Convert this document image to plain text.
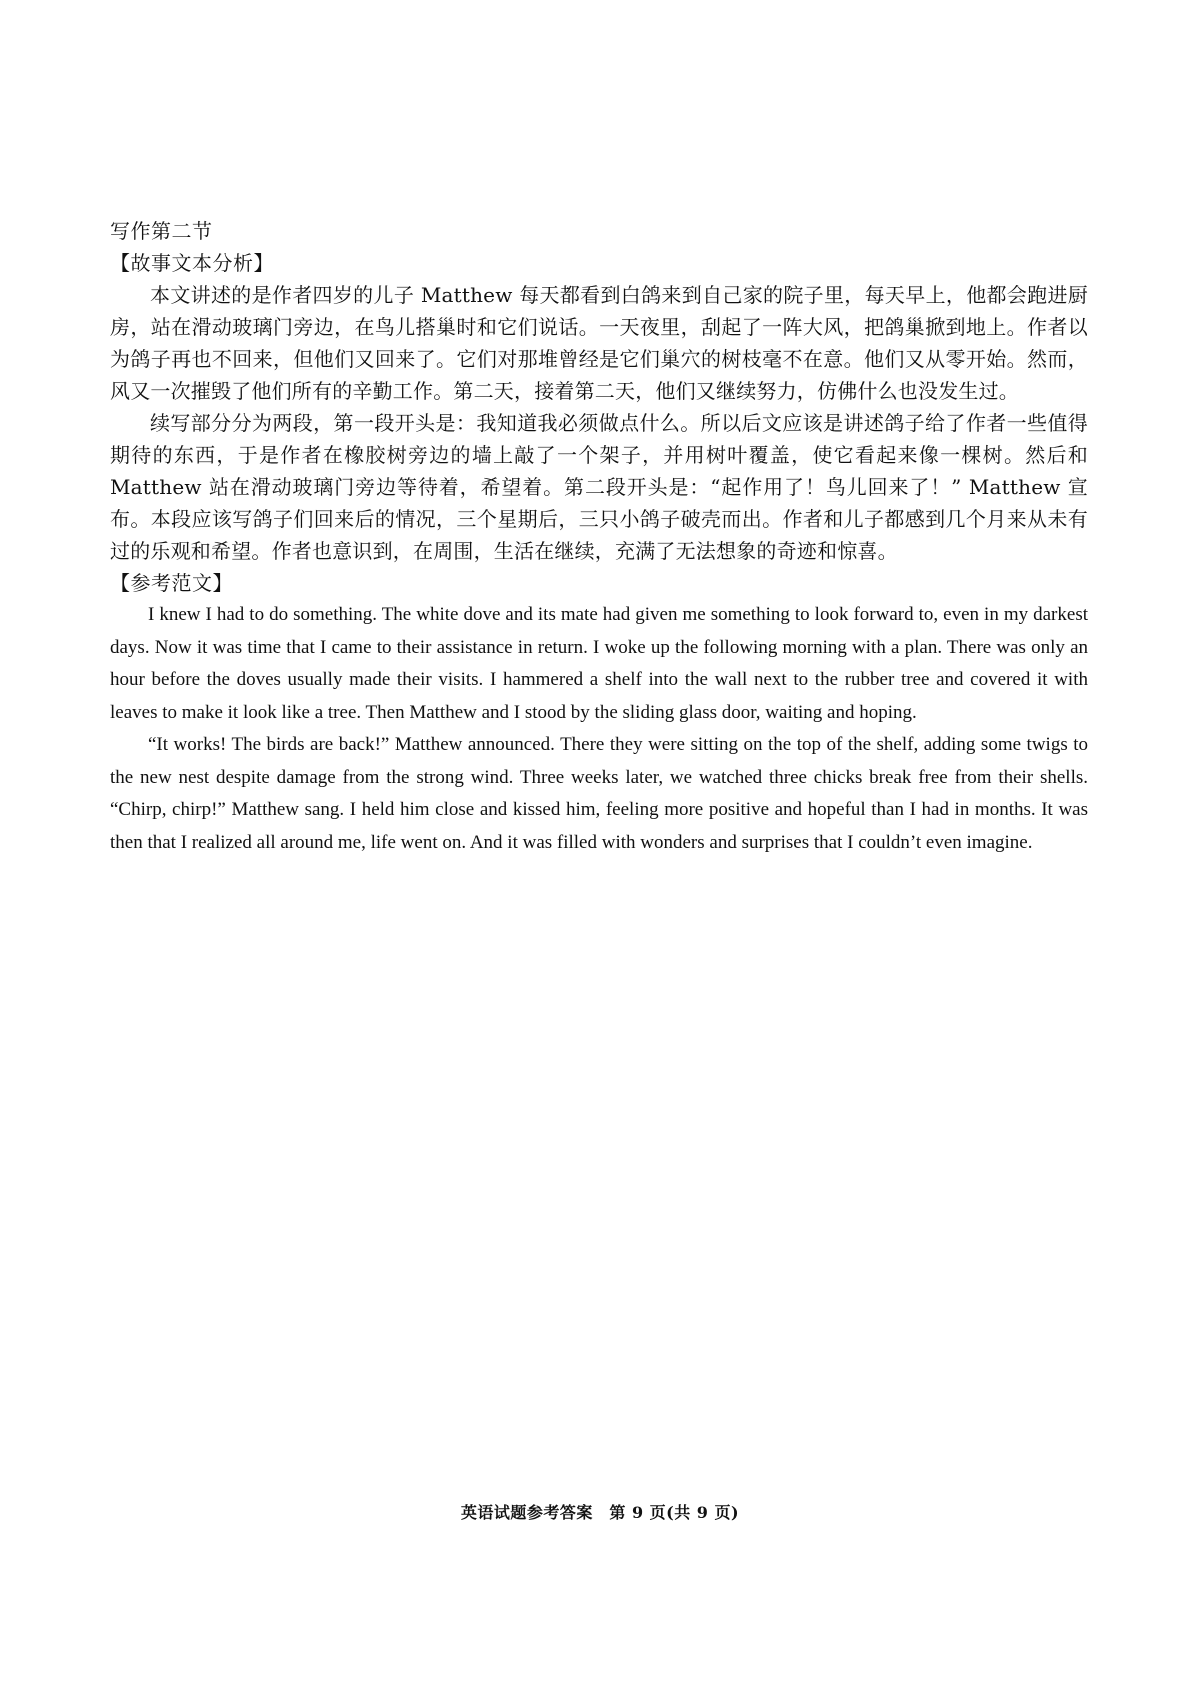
写作第二节

【故事文本分析】

本文讲述的是作者四岁的儿子 Matthew 每天都看到白鸽来到自己家的院子里，每天早上，他都会跑进厨房，站在滑动玻璃门旁边，在鸟儿搭巢时和它们说话。一天夜里，刮起了一阵大风，把鸽巢掀到地上。作者以为鸽子再也不回来，但他们又回来了。它们对那堆曾经是它们巢穴的树枝毫不在意。他们又从零开始。然而，风又一次摧毁了他们所有的辛勤工作。第二天，接着第二天，他们又继续努力，仿佛什么也没发生过。

续写部分分为两段，第一段开头是：我知道我必须做点什么。所以后文应该是讲述鸽子给了作者一些值得期待的东西，于是作者在橡胶树旁边的墙上敲了一个架子，并用树叶覆盖，使它看起来像一棵树。然后和 Matthew 站在滑动玻璃门旁边等待着，希望着。第二段开头是：“起作用了！鸟儿回来了！” Matthew 宣布。本段应该写鸽子们回来后的情况，三个星期后，三只小鸽子破壳而出。作者和儿子都感到几个月来从未有过的乐观和希望。作者也意识到，在周围，生活在继续，充满了无法想象的奇迹和惊喜。

【参考范文】

I knew I had to do something. The white dove and its mate had given me something to look forward to, even in my darkest days. Now it was time that I came to their assistance in return. I woke up the following morning with a plan. There was only an hour before the doves usually made their visits. I hammered a shelf into the wall next to the rubber tree and covered it with leaves to make it look like a tree. Then Matthew and I stood by the sliding glass door, waiting and hoping.

“It works! The birds are back!” Matthew announced. There they were sitting on the top of the shelf, adding some twigs to the new nest despite damage from the strong wind. Three weeks later, we watched three chicks break free from their shells. “Chirp, chirp!” Matthew sang. I held him close and kissed him, feeling more positive and hopeful than I had in months. It was then that I realized all around me, life went on. And it was filled with wonders and surprises that I couldn’t even imagine.

英语试题参考答案　第 9 页(共 9 页)
